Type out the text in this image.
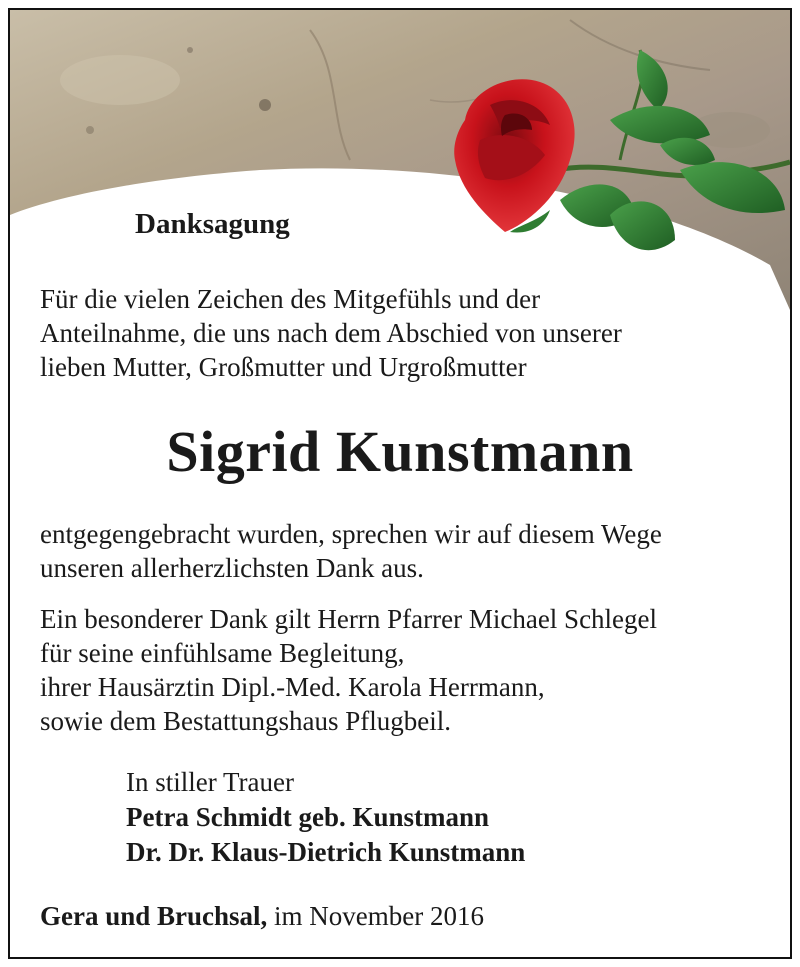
Danksagung
Für die vielen Zeichen des Mitgefühls und der
Anteilnahme, die uns nach dem Abschied von unserer
lieben Mutter, Großmutter und Urgroßmutter
Sigrid Kunstmann
entgegengebracht wurden, sprechen wir auf diesem Wege
unseren allerherzlichsten Dank aus.
Ein besonderer Dank gilt Herrn Pfarrer Michael Schlegel
für seine einfühlsame Begleitung,
ihrer Hausärztin Dipl.-Med. Karola Herrmann,
sowie dem Bestattungshaus Pflugbeil.
In stiller Trauer
Petra Schmidt geb. Kunstmann
Dr. Dr. Klaus-Dietrich Kunstmann
Gera und Bruchsal, im November 2016
